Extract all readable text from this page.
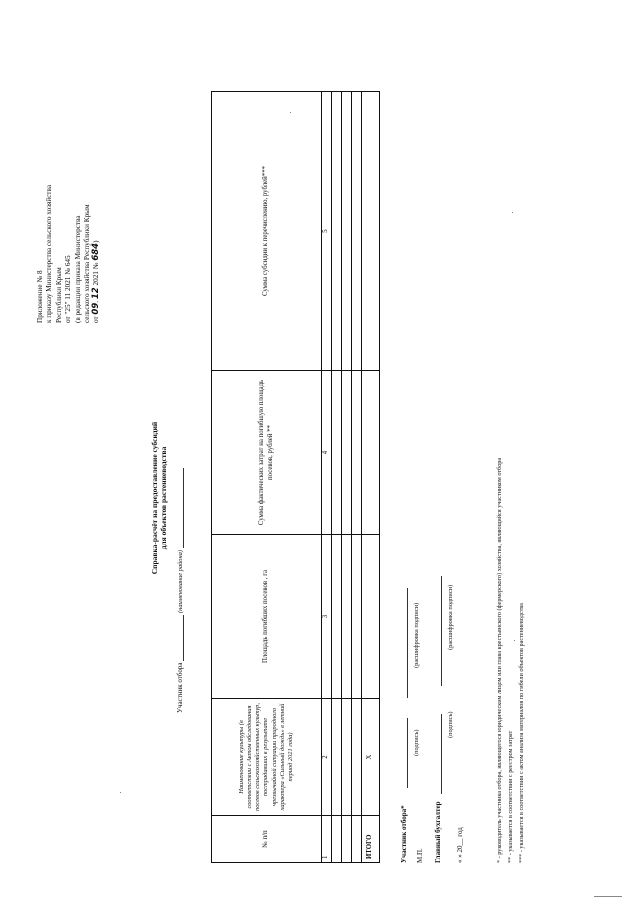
Приложение № 8 к приказу Министерства сельского хозяйства Республики Крым от "25" 11 2021 № 645 (в редакции приказа Министерства сельского хозяйства Республики Крым от 09. 12 2021 № 684)
Справка-расчёт на предоставление субсидий для объектов растениеводства
Участник отбора  (наименование района)
№ п/п	Наименование культуры (в соответствии с Актом обследования посевов сельскохозяйственных культур, пострадавших в результате чрезвычайной ситуации природного характера «Сильный дождь» в летний период 2021 года)	Площадь погибших посевов , га	Сумма фактических затрат на погибшую площадь посевов, рублей **	Сумма субсидии к перечислению, рублей***
1	2	3	4	5

ИТОГО	Х			
Участник отбора*
(подпись)
(расшифровка подписи)
М.П. Главный бухгалтер
(подпись)
(расшифровка подписи)
« » 20__ год	* - руководитель участника отбора, являющегося юридическим лицом или глава крестьянского (фермерского) хозяйства, являющийся участником отбора ** - указывается в соответствии с реестром затрат *** - указывается в соответствии с актом анализа материалов по гибели объектов растениеводства
